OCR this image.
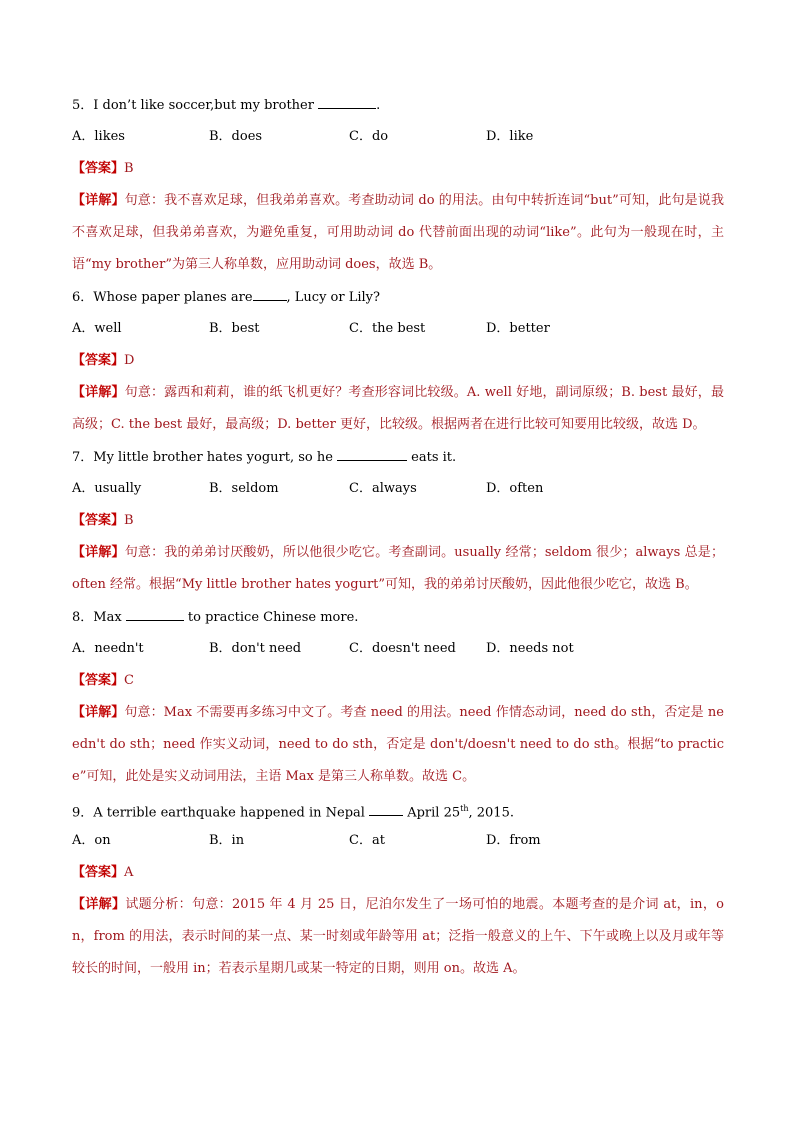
5．I don’t like soccer,but my brother	.
A．likes	B．does	C．do	D．like
【答案】B
【详解】句意：我不喜欢足球，但我弟弟喜欢。考查助动词 do 的用法。由句中转折连词“but”可知，此句是说我不喜欢足球，但我弟弟喜欢，为避免重复，可用助动词 do 代替前面出现的动词“like”。此句为一般现在时，主语“my brother”为第三人称单数，应用助动词 does，故选 B。
6．Whose paper planes are	, Lucy or Lily?
A．well	B．best	C．the best	D．better
【答案】D
【详解】句意：露西和莉莉，谁的纸飞机更好？考查形容词比较级。A. well 好地，副词原级；B. best 最好，最高级；C. the best 最好，最高级；D. better 更好，比较级。根据两者在进行比较可知要用比较级，故选 D。
7．My little brother hates yogurt, so he	eats it.
A．usually	B．seldom	C．always	D．often
【答案】B
【详解】句意：我的弟弟讨厌酸奶，所以他很少吃它。考查副词。usually 经常；seldom 很少；always 总是；often 经常。根据“My little brother hates yogurt”可知，我的弟弟讨厌酸奶，因此他很少吃它，故选 B。
8．Max	to practice Chinese more.
A．needn't	B．don't need	C．doesn't need D．needs not
【答案】C
【详解】句意：Max 不需要再多练习中文了。考查 need 的用法。need 作情态动词，need do sth，否定是 needn't do sth；need 作实义动词，need to do sth，否定是 don't/doesn't need to do sth。根据“to practice”可知，此处是实义动词用法，主语 Max 是第三人称单数。故选 C。
9．A terrible earthquake happened in Nepal	April 25th, 2015.
A．on	B．in	C．at	D．from
【答案】A
【详解】试题分析：句意：2015 年 4 月 25 日，尼泊尔发生了一场可怕的地震。本题考查的是介词 at，in，on，from 的用法，表示时间的某一点、某一时刻或年龄等用 at；泛指一般意义的上午、下午或晚上以及月或年等较长的时间，一般用 in；若表示星期几或某一特定的日期，则用 on。故选 A。
